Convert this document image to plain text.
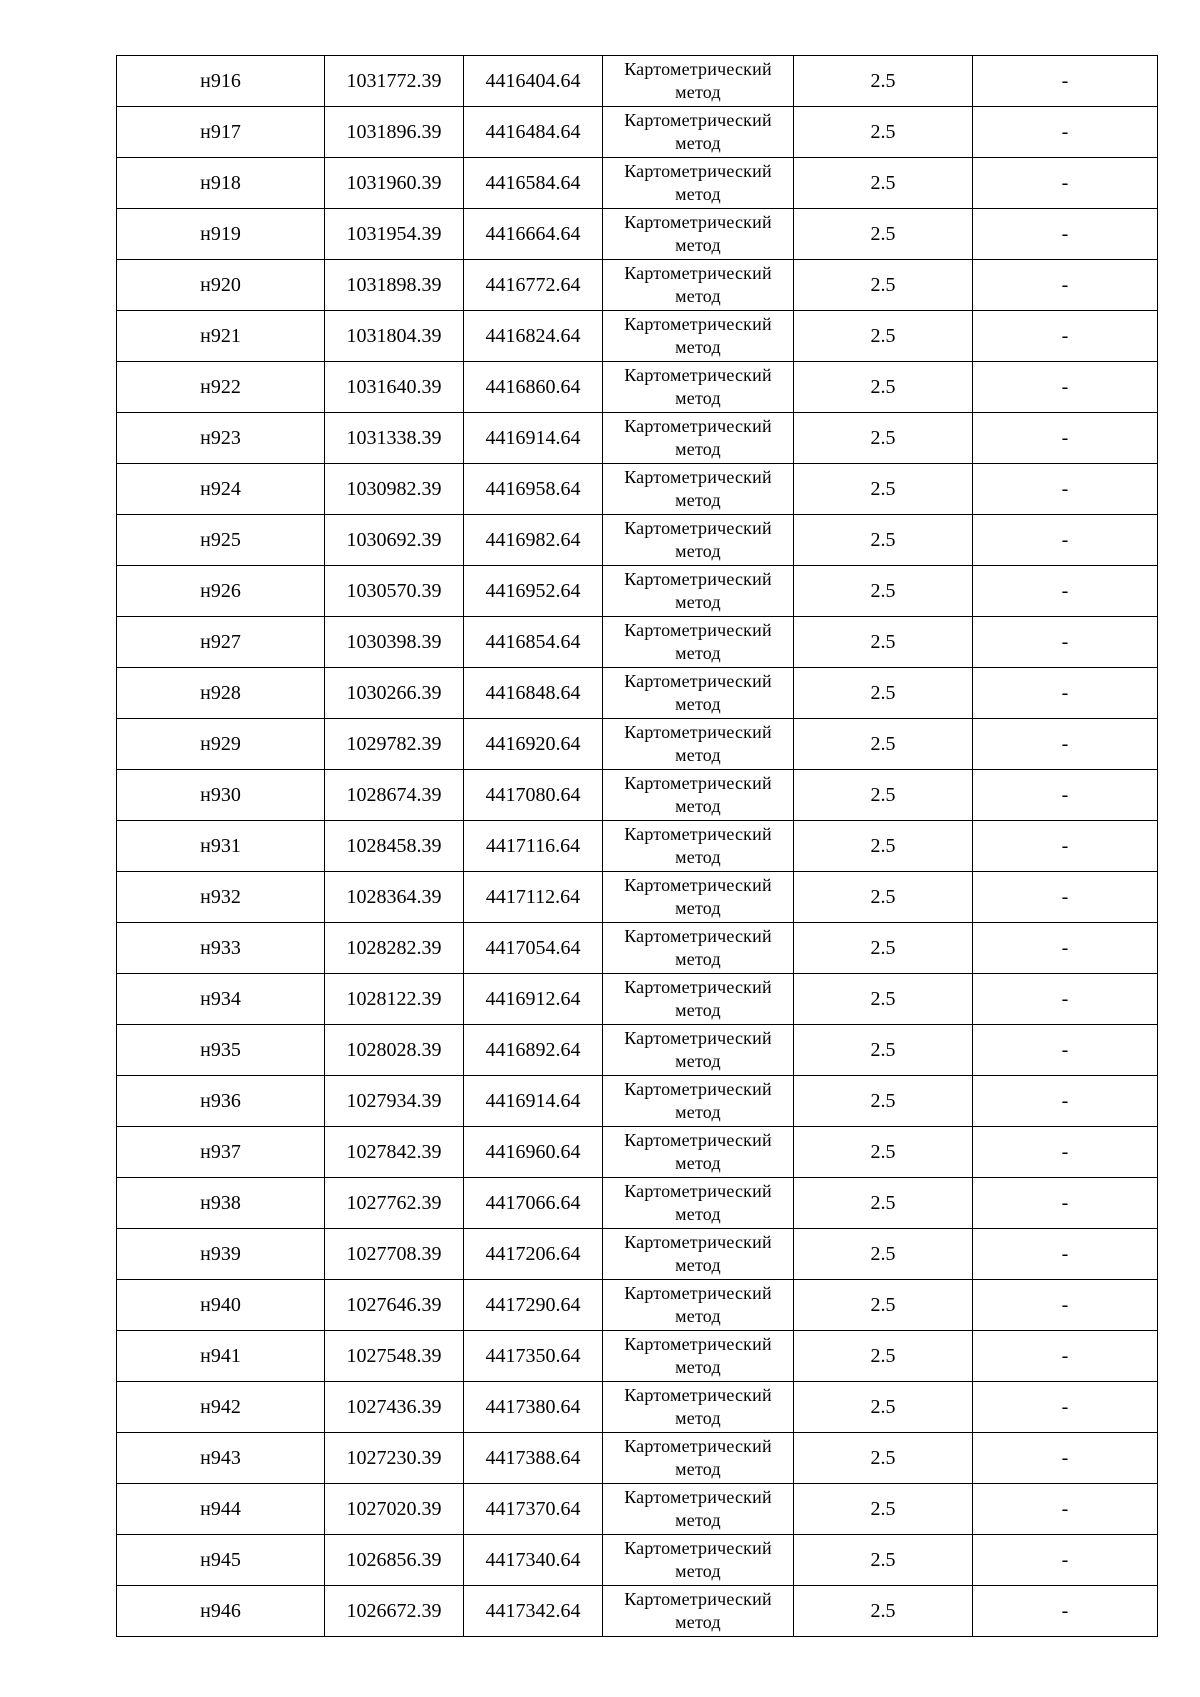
н916	1031772.39	4416404.64	Картометрический метод	2.5	-
н917	1031896.39	4416484.64	Картометрический метод	2.5	-
н918	1031960.39	4416584.64	Картометрический метод	2.5	-
н919	1031954.39	4416664.64	Картометрический метод	2.5	-
н920	1031898.39	4416772.64	Картометрический метод	2.5	-
н921	1031804.39	4416824.64	Картометрический метод	2.5	-
н922	1031640.39	4416860.64	Картометрический метод	2.5	-
н923	1031338.39	4416914.64	Картометрический метод	2.5	-
н924	1030982.39	4416958.64	Картометрический метод	2.5	-
н925	1030692.39	4416982.64	Картометрический метод	2.5	-
н926	1030570.39	4416952.64	Картометрический метод	2.5	-
н927	1030398.39	4416854.64	Картометрический метод	2.5	-
н928	1030266.39	4416848.64	Картометрический метод	2.5	-
н929	1029782.39	4416920.64	Картометрический метод	2.5	-
н930	1028674.39	4417080.64	Картометрический метод	2.5	-
н931	1028458.39	4417116.64	Картометрический метод	2.5	-
н932	1028364.39	4417112.64	Картометрический метод	2.5	-
н933	1028282.39	4417054.64	Картометрический метод	2.5	-
н934	1028122.39	4416912.64	Картометрический метод	2.5	-
н935	1028028.39	4416892.64	Картометрический метод	2.5	-
н936	1027934.39	4416914.64	Картометрический метод	2.5	-
н937	1027842.39	4416960.64	Картометрический метод	2.5	-
н938	1027762.39	4417066.64	Картометрический метод	2.5	-
н939	1027708.39	4417206.64	Картометрический метод	2.5	-
н940	1027646.39	4417290.64	Картометрический метод	2.5	-
н941	1027548.39	4417350.64	Картометрический метод	2.5	-
н942	1027436.39	4417380.64	Картометрический метод	2.5	-
н943	1027230.39	4417388.64	Картометрический метод	2.5	-
н944	1027020.39	4417370.64	Картометрический метод	2.5	-
н945	1026856.39	4417340.64	Картометрический метод	2.5	-
н946	1026672.39	4417342.64	Картометрический метод	2.5	-
